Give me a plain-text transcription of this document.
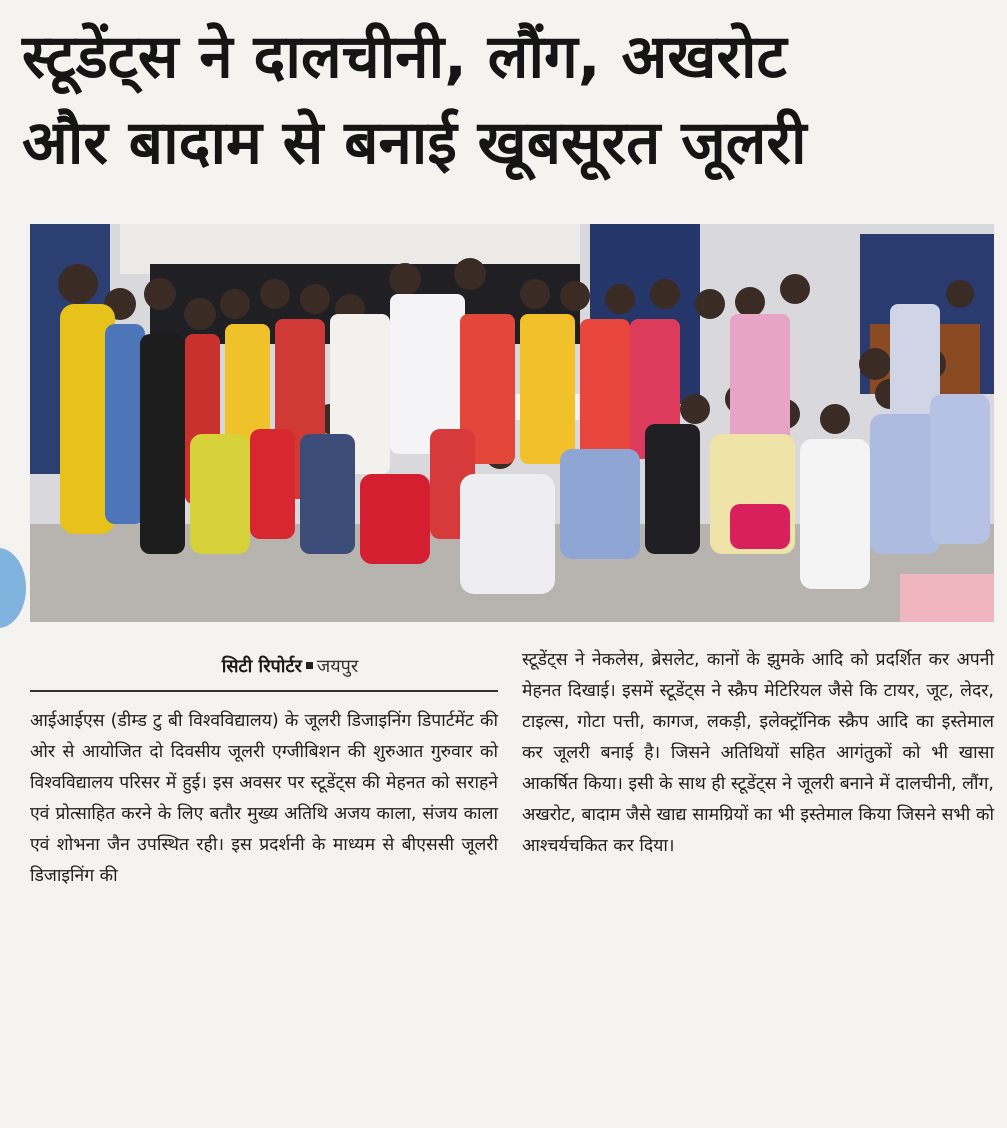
स्टूडेंट्स ने दालचीनी, लौंग, अखरोट
और बादाम से बनाई खूबसूरत जूलरी
सिटी रिपोर्टर जयपुर
आईआईएस (डीम्ड टु बी विश्वविद्यालय) के जूलरी डिजाइनिंग डिपार्टमेंट की ओर से आयोजित दो दिवसीय जूलरी एग्जीबिशन की शुरुआत गुरुवार को विश्वविद्यालय परिसर में हुई। इस अवसर पर स्टूडेंट्स की मेहनत को सराहने एवं प्रोत्साहित करने के लिए बतौर मुख्य अतिथि अजय काला, संजय काला एवं शोभना जैन उपस्थित रही। इस प्रदर्शनी के माध्यम से बीएससी जूलरी डिजाइनिंग की
स्टूडेंट्स ने नेकलेस, ब्रेसलेट, कानों के झुमके आदि को प्रदर्शित कर अपनी मेहनत दिखाई। इसमें स्टूडेंट्स ने स्क्रैप मेटिरियल जैसे कि टायर, जूट, लेदर, टाइल्स, गोटा पत्ती, कागज, लकड़ी, इलेक्ट्रॉनिक स्क्रैप आदि का इस्तेमाल कर जूलरी बनाई है। जिसने अतिथियों सहित आगंतुकों को भी खासा आकर्षित किया। इसी के साथ ही स्टूडेंट्स ने जूलरी बनाने में दालचीनी, लौंग, अखरोट, बादाम जैसे खाद्य सामग्रियों का भी इस्तेमाल किया जिसने सभी को आश्चर्यचकित कर दिया।
